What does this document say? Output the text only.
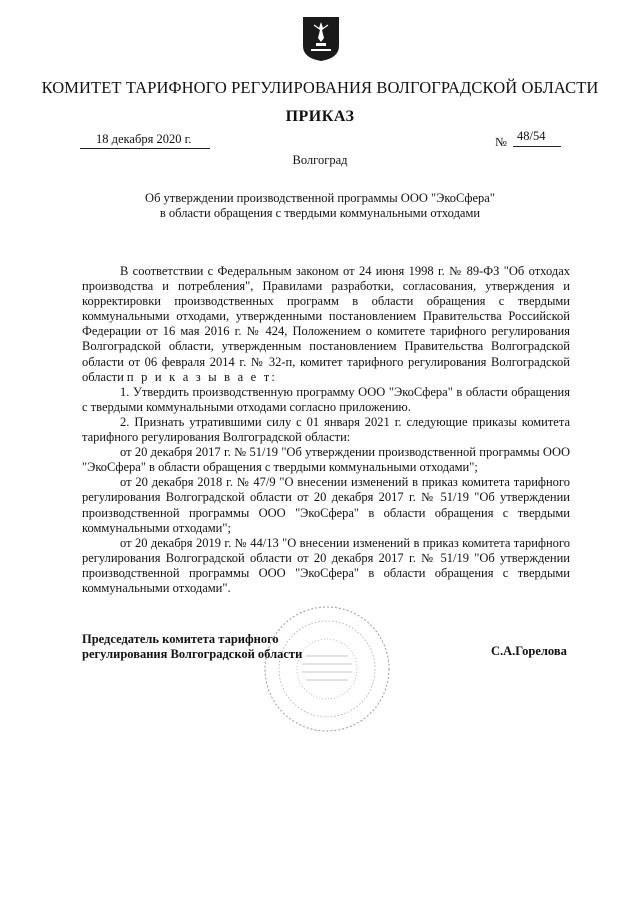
КОМИТЕТ ТАРИФНОГО РЕГУЛИРОВАНИЯ ВОЛГОГРАДСКОЙ ОБЛАСТИ
ПРИКАЗ
18 декабря 2020 г.	№ 48/54
Волгоград
Об утверждении производственной программы ООО "ЭкоСфера"
в области обращения с твердыми коммунальными отходами

В соответствии с Федеральным законом от 24 июня 1998 г. № 89-ФЗ "Об отходах производства и потребления", Правилами разработки, согласования, утверждения и корректировки производственных программ в области обращения с твердыми коммунальными отходами, утвержденными постановлением Правительства Российской Федерации от 16 мая 2016 г. № 424, Положением о комитете тарифного регулирования Волгоградской области, утвержденным постановлением Правительства Волгоградской области от 06 февраля 2014 г. № 32-п, комитет тарифного регулирования Волгоградской области п р и к а з ы в а е т:

1. Утвердить производственную программу ООО "ЭкоСфера" в области обращения с твердыми коммунальными отходами согласно приложению.

2. Признать утратившими силу с 01 января 2021 г. следующие приказы комитета тарифного регулирования Волгоградской области:

от 20 декабря 2017 г. № 51/19 "Об утверждении производственной программы ООО "ЭкоСфера" в области обращения с твердыми коммунальными отходами";

от 20 декабря 2018 г. № 47/9 "О внесении изменений в приказ комитета тарифного регулирования Волгоградской области от 20 декабря 2017 г. № 51/19 "Об утверждении производственной программы ООО "ЭкоСфера" в области обращения с твердыми коммунальными отходами";

от 20 декабря 2019 г. № 44/13 "О внесении изменений в приказ комитета тарифного регулирования Волгоградской области от 20 декабря 2017 г. № 51/19 "Об утверждении производственной программы ООО "ЭкоСфера" в области обращения с твердыми коммунальными отходами".

Председатель комитета тарифного
регулирования Волгоградской области	С.А.Горелова
